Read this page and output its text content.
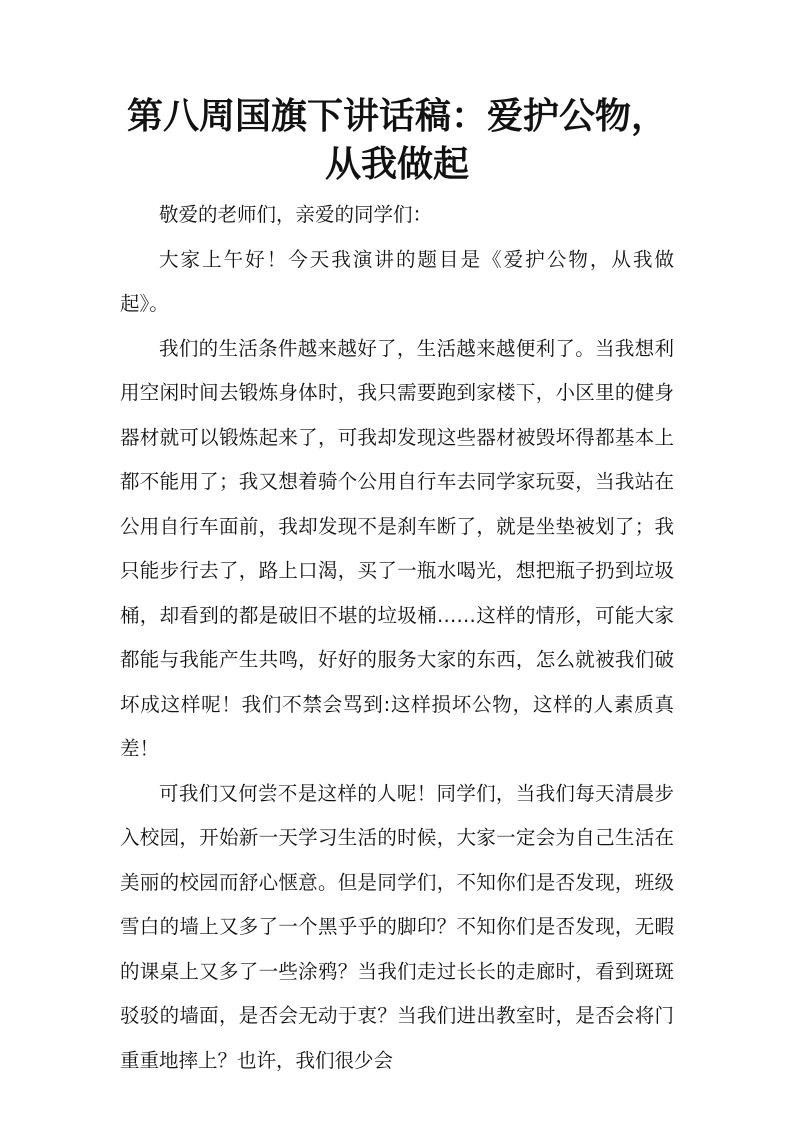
第八周国旗下讲话稿：爱护公物，从我做起

敬爱的老师们，亲爱的同学们：

大家上午好！今天我演讲的题目是《爱护公物，从我做起》。

我们的生活条件越来越好了，生活越来越便利了。当我想利用空闲时间去锻炼身体时，我只需要跑到家楼下，小区里的健身器材就可以锻炼起来了，可我却发现这些器材被毁坏得都基本上都不能用了；我又想着骑个公用自行车去同学家玩耍，当我站在公用自行车面前，我却发现不是刹车断了，就是坐垫被划了；我只能步行去了，路上口渴，买了一瓶水喝光，想把瓶子扔到垃圾桶，却看到的都是破旧不堪的垃圾桶……这样的情形，可能大家都能与我能产生共鸣，好好的服务大家的东西，怎么就被我们破坏成这样呢！我们不禁会骂到:这样损坏公物，这样的人素质真差！

可我们又何尝不是这样的人呢！同学们，当我们每天清晨步入校园，开始新一天学习生活的时候，大家一定会为自己生活在美丽的校园而舒心惬意。但是同学们，不知你们是否发现，班级雪白的墙上又多了一个黑乎乎的脚印？不知你们是否发现，无暇的课桌上又多了一些涂鸦？当我们走过长长的走廊时，看到斑斑驳驳的墙面，是否会无动于衷？当我们进出教室时，是否会将门重重地摔上？也许，我们很少会
